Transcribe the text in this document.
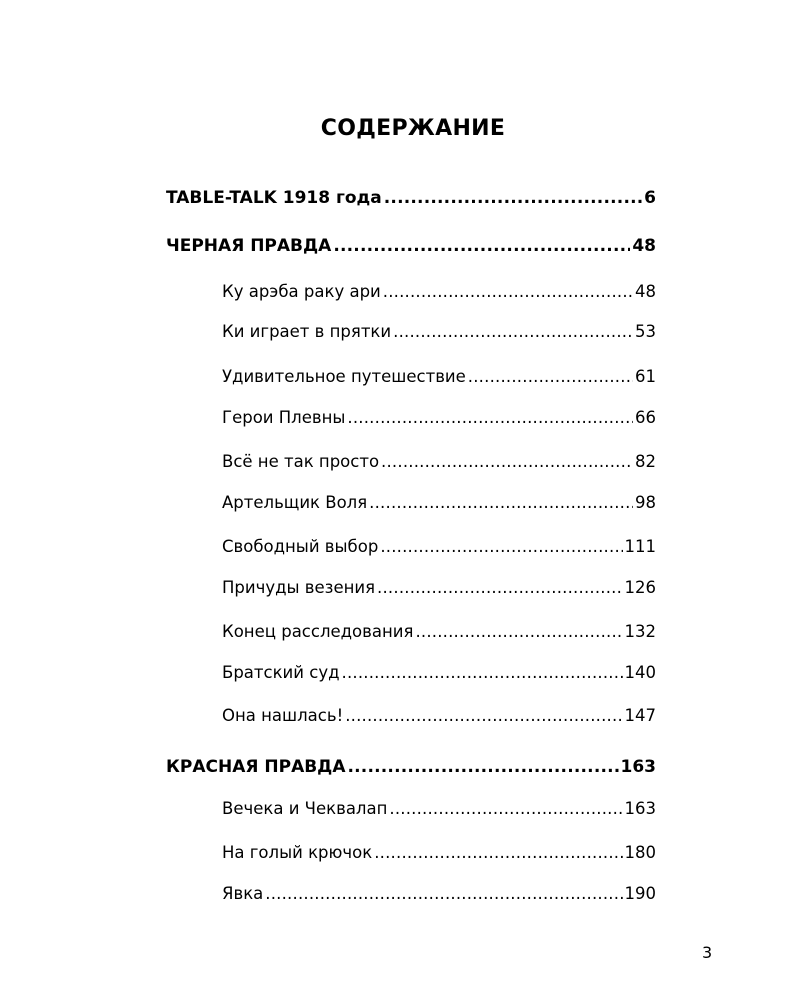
СОДЕРЖАНИЕ
TABLE-TALK 1918 года .....	6
ЧЕРНАЯ ПРАВДА .....	48
Ку арэба раку ари .....	48
Ки играет в прятки .....	53
Удивительное путешествие .....	61
Герои Плевны .....	66
Всё не так просто .....	82
Артельщик Воля .....	98
Свободный выбор .....	111
Причуды везения .....	126
Конец расследования .....	132
Братский суд .....	140
Она нашлась! .....	147
КРАСНАЯ ПРАВДА .....	163
Вечека и Чеквалап .....	163
На голый крючок .....	180
Явка .....	190
3
